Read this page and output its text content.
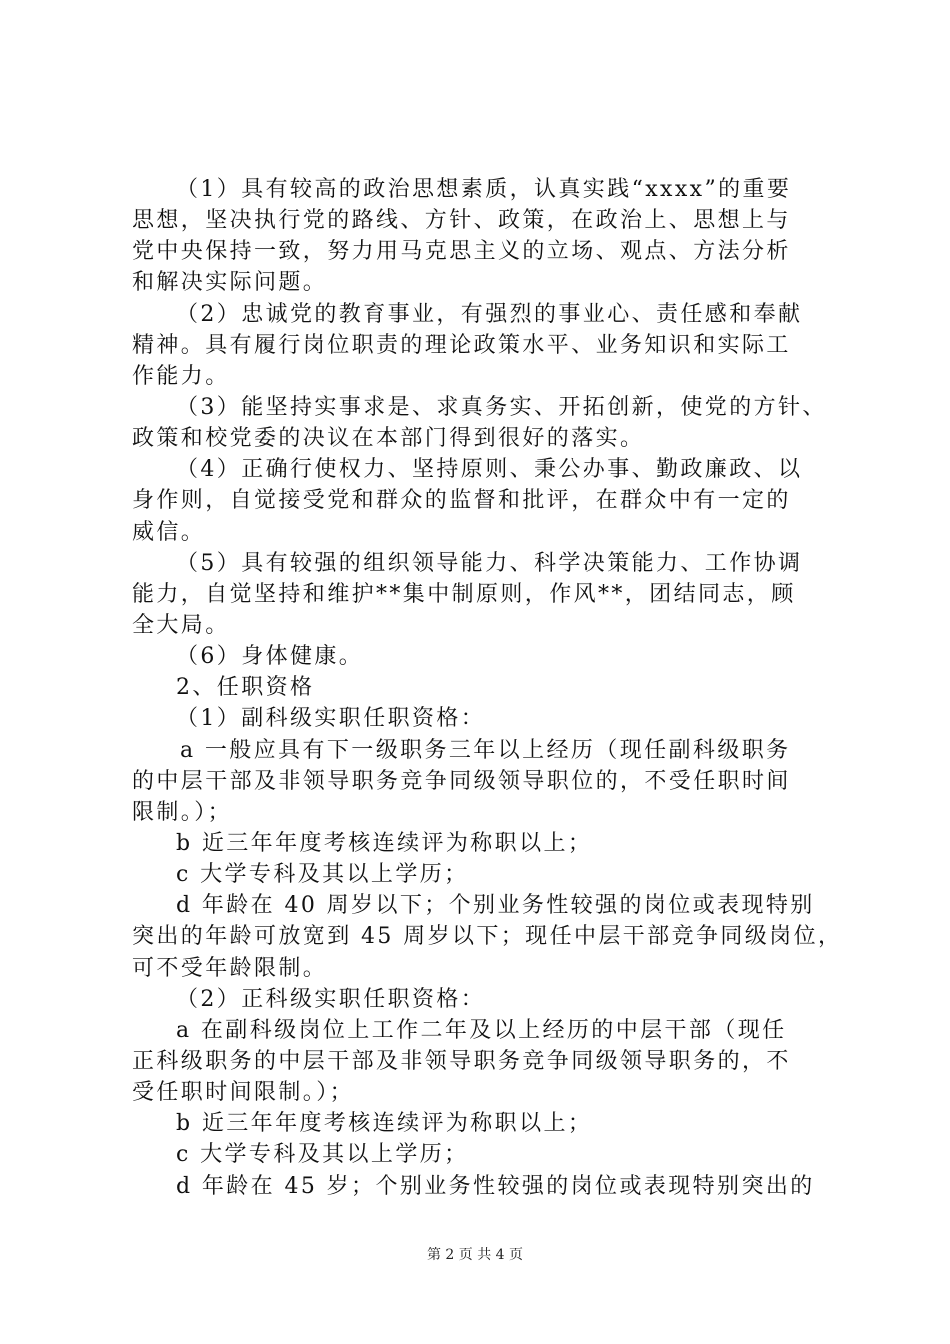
（1）具有较高的政治思想素质，认真实践“xxxx”的重要
思想，坚决执行党的路线、方针、政策，在政治上、思想上与
党中央保持一致，努力用马克思主义的立场、观点、方法分析
和解决实际问题。
（2）忠诚党的教育事业，有强烈的事业心、责任感和奉献
精神。具有履行岗位职责的理论政策水平、业务知识和实际工
作能力。
（3）能坚持实事求是、求真务实、开拓创新，使党的方针、
政策和校党委的决议在本部门得到很好的落实。
（4）正确行使权力、坚持原则、秉公办事、勤政廉政、以
身作则，自觉接受党和群众的监督和批评，在群众中有一定的
威信。
（5）具有较强的组织领导能力、科学决策能力、工作协调
能力，自觉坚持和维护**集中制原则，作风**，团结同志，顾
全大局。
（6）身体健康。
2、任职资格
（1）副科级实职任职资格：
a 一般应具有下一级职务三年以上经历（现任副科级职务
的中层干部及非领导职务竞争同级领导职位的，不受任职时间
限制。）；
b 近三年年度考核连续评为称职以上；
c 大学专科及其以上学历；
d 年龄在 40 周岁以下；个别业务性较强的岗位或表现特别
突出的年龄可放宽到 45 周岁以下；现任中层干部竞争同级岗位，
可不受年龄限制。
（2）正科级实职任职资格：
a 在副科级岗位上工作二年及以上经历的中层干部（现任
正科级职务的中层干部及非领导职务竞争同级领导职务的，不
受任职时间限制。）；
b 近三年年度考核连续评为称职以上；
c 大学专科及其以上学历；
d 年龄在 45 岁；个别业务性较强的岗位或表现特别突出的
第 2 页 共 4 页
